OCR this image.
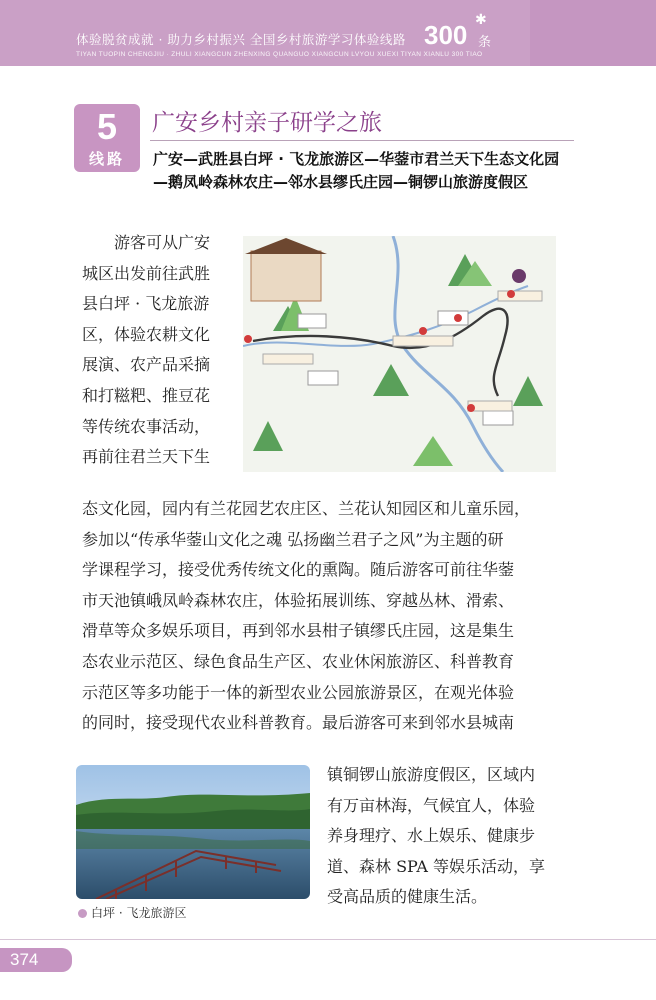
体验脱贫成就 · 助力乡村振兴 全国乡村旅游学习体验线路 300 ✱
条
TIYAN TUOPIN CHENGJIU · ZHULI XIANGCUN ZHENXING QUANGUO XIANGCUN LVYOU XUEXI TIYAN XIANLU 300 TIAO
5
线路
广安乡村亲子研学之旅
广安—武胜县白坪 · 飞龙旅游区—华蓥市君兰天下生态文化园—鹅凤岭森林农庄—邻水县缪氏庄园—铜锣山旅游度假区
游客可从广安
城区出发前往武胜
县白坪 · 飞龙旅游
区，体验农耕文化
展演、农产品采摘
和打糍粑、推豆花
等传统农事活动，
再前往君兰天下生
态文化园，园内有兰花园艺农庄区、兰花认知园区和儿童乐园，
参加以“传承华蓥山文化之魂 弘扬幽兰君子之风”为主题的研
学课程学习，接受优秀传统文化的熏陶。随后游客可前往华蓥
市天池镇峨凤岭森林农庄，体验拓展训练、穿越丛林、滑索、
滑草等众多娱乐项目，再到邻水县柑子镇缪氏庄园，这是集生
态农业示范区、绿色食品生产区、农业休闲旅游区、科普教育
示范区等多功能于一体的新型农业公园旅游景区，在观光体验
的同时，接受现代农业科普教育。最后游客可来到邻水县城南
白坪 · 飞龙旅游区
镇铜锣山旅游度假区，区域内
有万亩林海，气候宜人，体验
养身理疗、水上娱乐、健康步
道、森林 SPA 等娱乐活动，享
受高品质的健康生活。
374
